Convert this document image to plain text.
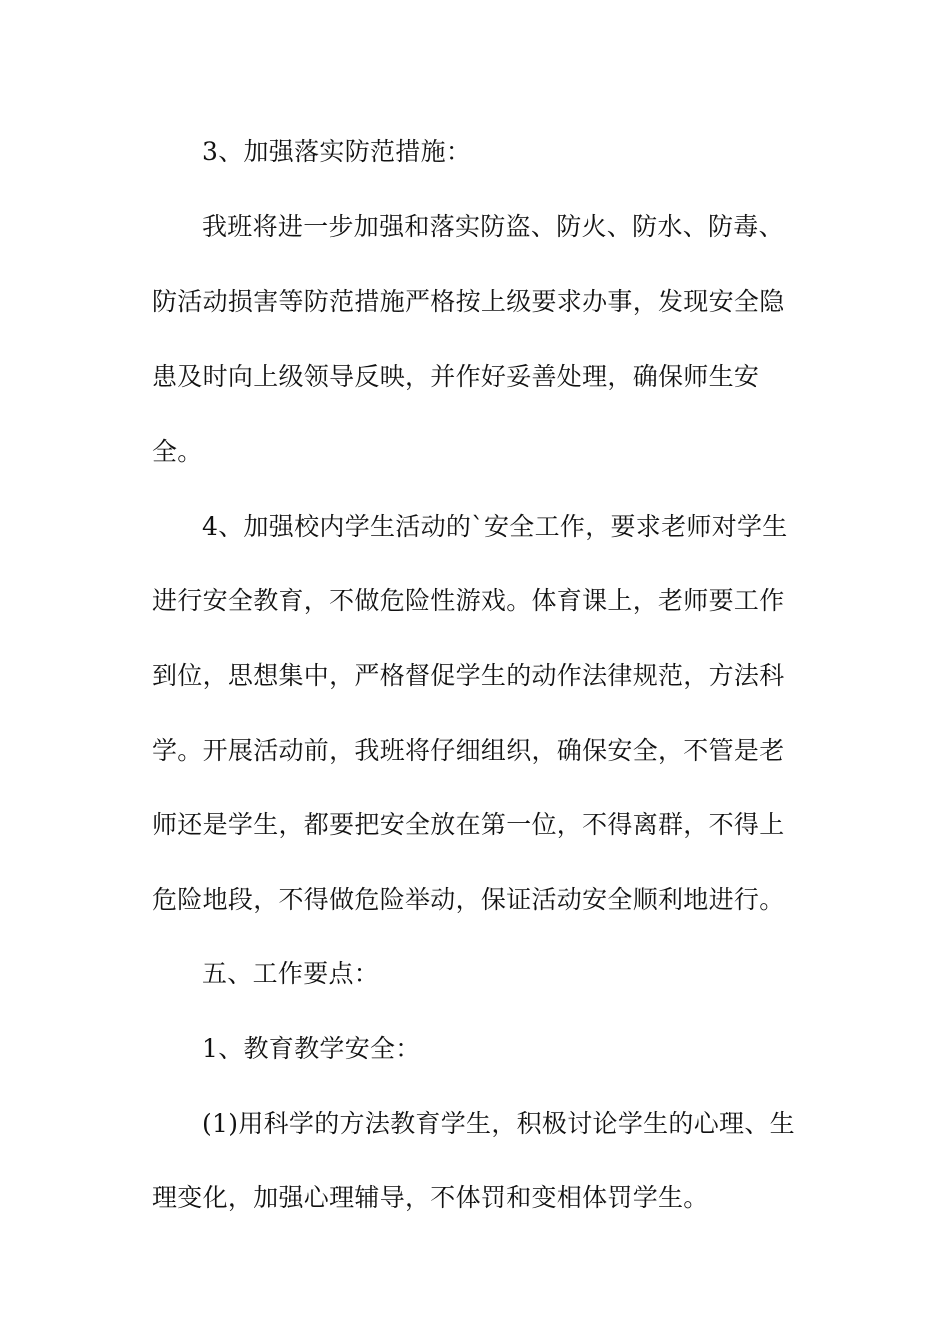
3、加强落实防范措施：
我班将进一步加强和落实防盗、防火、防水、防毒、
防活动损害等防范措施严格按上级要求办事，发现安全隐
患及时向上级领导反映，并作好妥善处理，确保师生安
全。
4、加强校内学生活动的`安全工作，要求老师对学生
进行安全教育，不做危险性游戏。体育课上，老师要工作
到位，思想集中，严格督促学生的动作法律规范，方法科
学。开展活动前，我班将仔细组织，确保安全，不管是老
师还是学生，都要把安全放在第一位，不得离群，不得上
危险地段，不得做危险举动，保证活动安全顺利地进行。
五、工作要点：
1、教育教学安全：
(1)用科学的方法教育学生，积极讨论学生的心理、生
理变化，加强心理辅导，不体罚和变相体罚学生。
